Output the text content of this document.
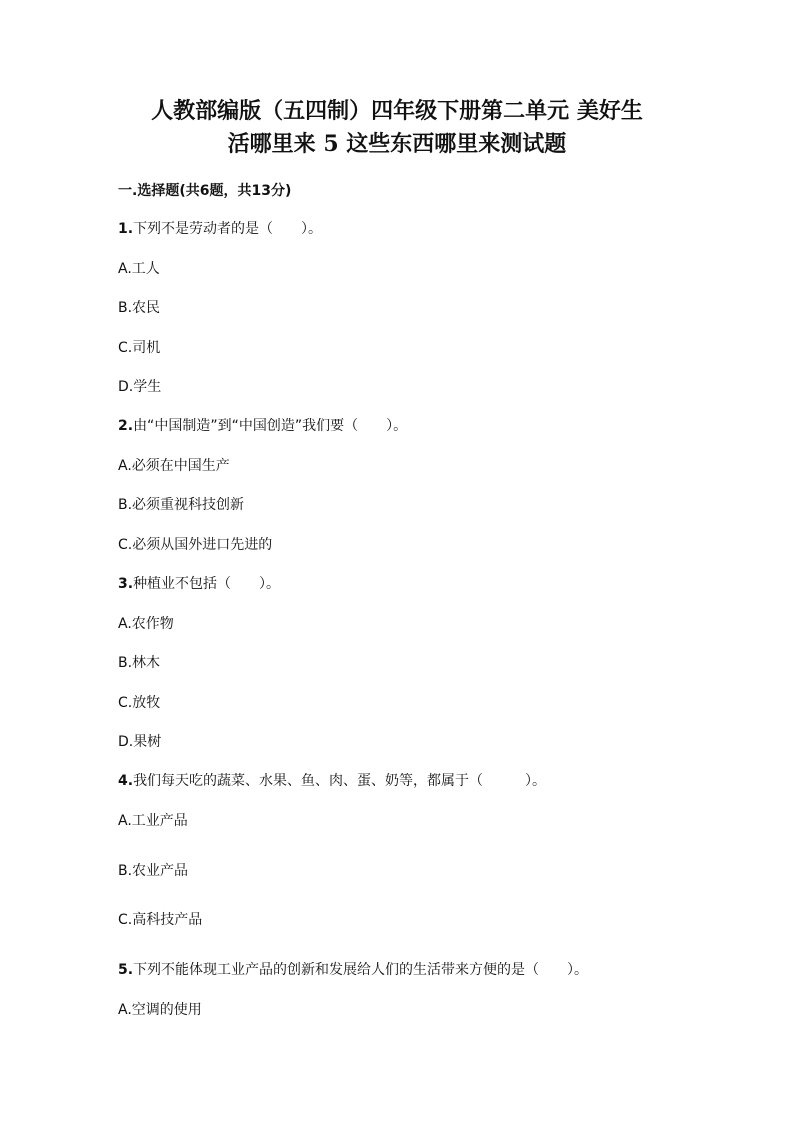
人教部编版（五四制）四年级下册第二单元 美好生
活哪里来 5 这些东西哪里来测试题
一.选择题(共6题，共13分)
1.下列不是劳动者的是（　　）。
A.工人
B.农民
C.司机
D.学生
2.由“中国制造”到“中国创造”我们要（　　）。
A.必须在中国生产
B.必须重视科技创新
C.必须从国外进口先进的
3.种植业不包括（　　）。
A.农作物
B.林木
C.放牧
D.果树
4.我们每天吃的蔬菜、水果、鱼、肉、蛋、奶等，都属于（　　　）。
A.工业产品
B.农业产品
C.高科技产品
5.下列不能体现工业产品的创新和发展给人们的生活带来方便的是（　　）。
A.空调的使用
